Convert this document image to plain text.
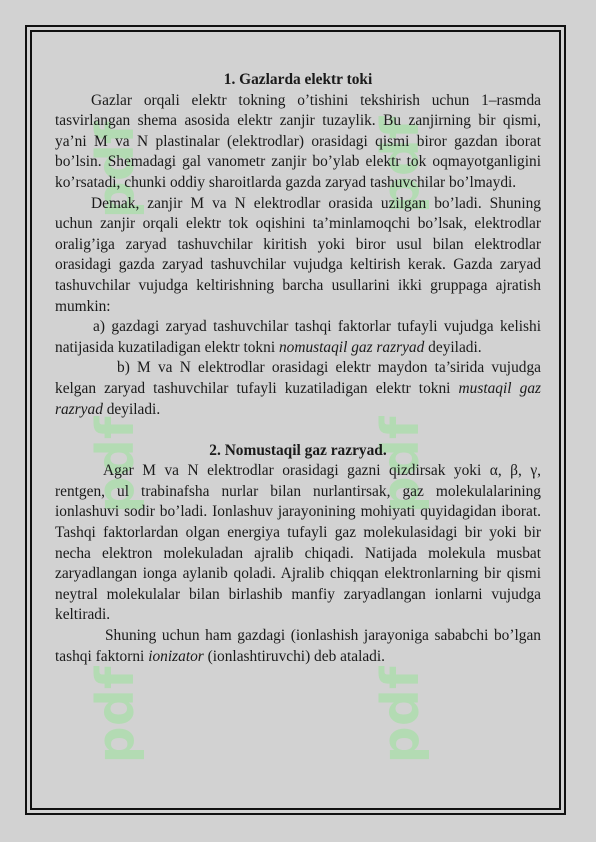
pdf	pdf
pdf	pdf
pdf	pdf
1. Gazlarda elektr toki

Gazlar orqali elektr tokning o’tishini tekshirish uchun 1–rasmda tasvirlangan shema asosida elektr zanjir tuzaylik. Bu zanjirning bir qismi, ya’ni M va N plastinalar (elektrodlar) orasidagi qismi biror gazdan iborat bo’lsin. Shemadagi gal vanometr zanjir bo’ylab elektr tok oqmayotganligini ko’rsatadi, chunki oddiy sharoitlarda gazda zaryad tashuvchilar bo’lmaydi.

Demak, zanjir M va N elektrodlar orasida uzilgan bo’ladi. Shuning uchun zanjir orqali elektr tok oqishini ta’minlamoqchi bo’lsak, elektrodlar oralig’iga zaryad tashuvchilar kiritish yoki biror usul bilan elektrodlar orasidagi gazda zaryad tashuvchilar vujudga keltirish kerak. Gazda zaryad tashuvchilar vujudga keltirishning barcha usullarini ikki gruppaga ajratish mumkin:

a) gazdagi zaryad tashuvchilar tashqi faktorlar tufayli vujudga kelishi natijasida kuzatiladigan elektr tokni nomustaqil gaz razryad deyiladi.

b) M va N elektrodlar orasidagi elektr maydon ta’sirida vujudga kelgan zaryad tashuvchilar tufayli kuzatiladigan elektr tokni mustaqil gaz razryad deyiladi.

2. Nomustaqil gaz razryad.

Agar M va N elektrodlar orasidagi gazni qizdirsak yoki α, β, γ, rentgen, ul trabinafsha nurlar bilan nurlantirsak, gaz molekulalarining ionlashuvi sodir bo’ladi. Ionlashuv jarayonining mohiyati quyidagidan iborat. Tashqi faktorlardan olgan energiya tufayli gaz molekulasidagi bir yoki bir necha elektron molekuladan ajralib chiqadi. Natijada molekula musbat zaryadlangan ionga aylanib qoladi. Ajralib chiqqan elektronlarning bir qismi neytral molekulalar bilan birlashib manfiy zaryadlangan ionlarni vujudga keltiradi.

Shuning uchun ham gazdagi (ionlashish jarayoniga sababchi bo’lgan tashqi faktorni ionizator (ionlashtiruvchi) deb ataladi.
